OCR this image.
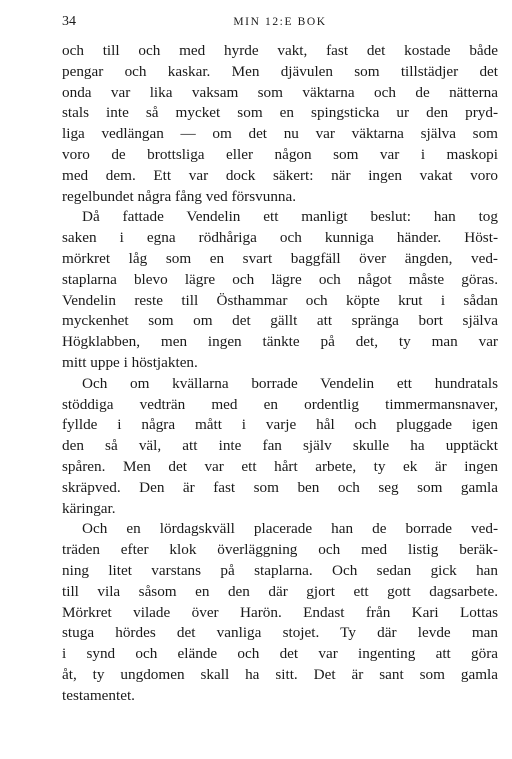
34	MIN 12:E BOK
och till och med hyrde vakt, fast det kostade både
pengar och kaskar. Men djävulen som tillstädjer det
onda var lika vaksam som väktarna och de nätterna
stals inte så mycket som en spingsticka ur den pryd-
liga vedlängan — om det nu var väktarna själva som
voro de brottsliga eller någon som var i maskopi
med dem. Ett var dock säkert: när ingen vakat voro
regelbundet några fång ved försvunna.
Då fattade Vendelin ett manligt beslut: han tog
saken i egna rödhåriga och kunniga händer. Höst-
mörkret låg som en svart baggfäll över ängden, ved-
staplarna blevo lägre och lägre och något måste göras.
Vendelin reste till Östhammar och köpte krut i sådan
myckenhet som om det gällt att spränga bort själva
Högklabben, men ingen tänkte på det, ty man var
mitt uppe i höstjakten.
Och om kvällarna borrade Vendelin ett hundratals
stöddiga vedträn med en ordentlig timmermansnaver,
fyllde i några mått i varje hål och pluggade igen
den så väl, att inte fan själv skulle ha upptäckt
spåren. Men det var ett hårt arbete, ty ek är ingen
skräpved. Den är fast som ben och seg som gamla
käringar.
Och en lördagskväll placerade han de borrade ved-
träden efter klok överläggning och med listig beräk-
ning litet varstans på staplarna. Och sedan gick han
till vila såsom en den där gjort ett gott dagsarbete.
Mörkret vilade över Harön. Endast från Kari Lottas
stuga hördes det vanliga stojet. Ty där levde man
i synd och elände och det var ingenting att göra
åt, ty ungdomen skall ha sitt. Det är sant som gamla
testamentet.
